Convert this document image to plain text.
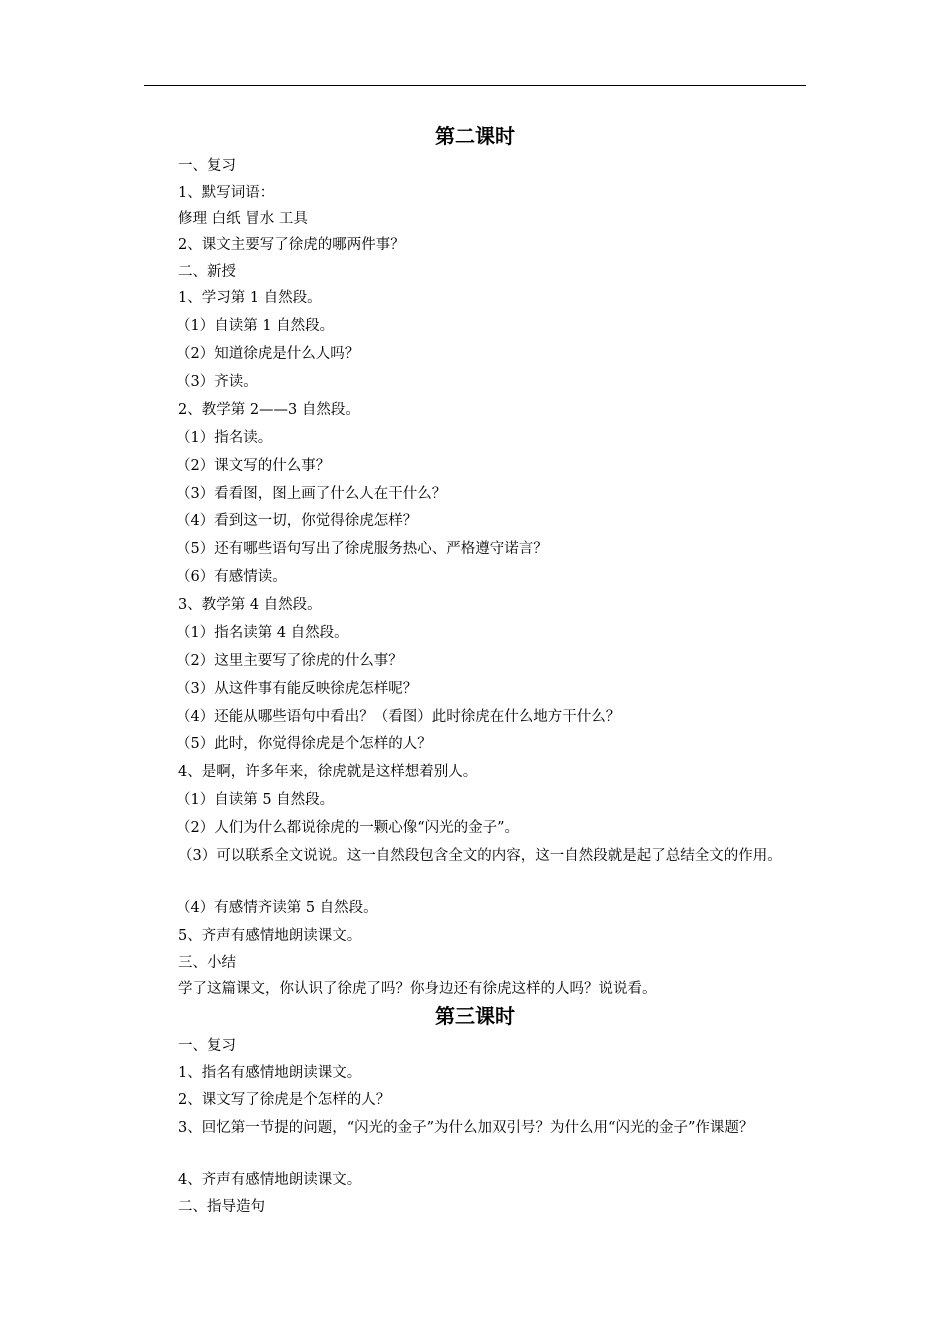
第二课时
一、复习
1、默写词语：
修理 白纸 冒水 工具
2、课文主要写了徐虎的哪两件事？
二、新授
1、学习第 1 自然段。
（1）自读第 1 自然段。
（2）知道徐虎是什么人吗？
（3）齐读。
2、教学第 2——3 自然段。
（1）指名读。
（2）课文写的什么事？
（3）看看图，图上画了什么人在干什么？
（4）看到这一切，你觉得徐虎怎样？
（5）还有哪些语句写出了徐虎服务热心、严格遵守诺言？
（6）有感情读。
3、教学第 4 自然段。
（1）指名读第 4 自然段。
（2）这里主要写了徐虎的什么事？
（3）从这件事有能反映徐虎怎样呢？
（4）还能从哪些语句中看出？（看图）此时徐虎在什么地方干什么？
（5）此时，你觉得徐虎是个怎样的人？
4、是啊，许多年来，徐虎就是这样想着别人。
（1）自读第 5 自然段。
（2）人们为什么都说徐虎的一颗心像“闪光的金子”。

（3）可以联系全文说说。这一自然段包含全文的内容，这一自然段就是起了总结全文的作用。

（4）有感情齐读第 5 自然段。
5、齐声有感情地朗读课文。
三、小结
学了这篇课文，你认识了徐虎了吗？你身边还有徐虎这样的人吗？说说看。
第三课时
一、复习
1、指名有感情地朗读课文。
2、课文写了徐虎是个怎样的人？

3、回忆第一节提的问题，“闪光的金子”为什么加双引号？为什么用“闪光的金子”作课题？

4、齐声有感情地朗读课文。
二、指导造句
